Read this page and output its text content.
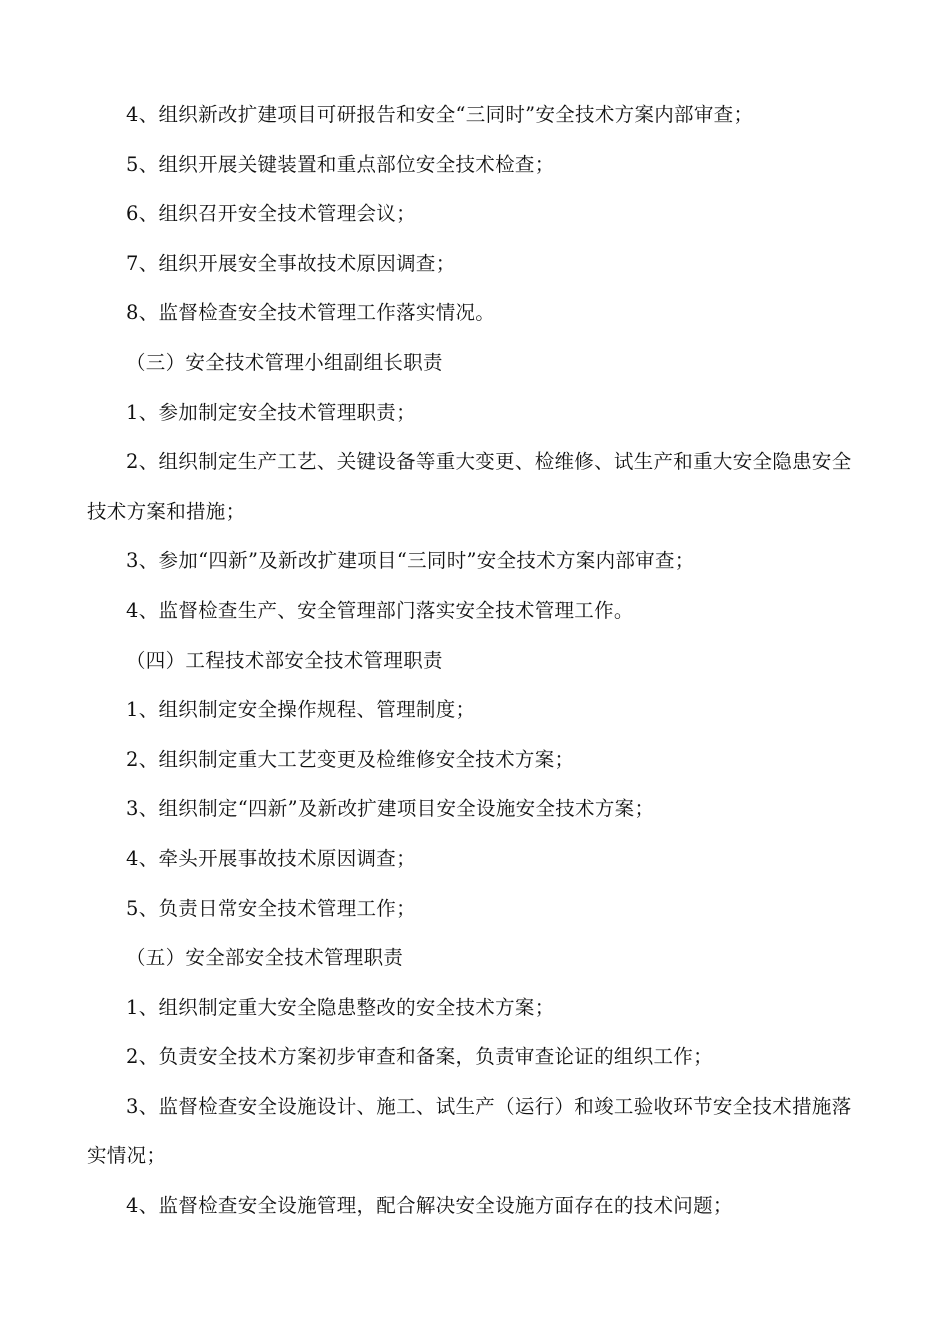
4、组织新改扩建项目可研报告和安全“三同时”安全技术方案内部审查；

5、组织开展关键装置和重点部位安全技术检查；

6、组织召开安全技术管理会议；

7、组织开展安全事故技术原因调查；

8、监督检查安全技术管理工作落实情况。

（三）安全技术管理小组副组长职责

1、参加制定安全技术管理职责；

2、组织制定生产工艺、关键设备等重大变更、检维修、试生产和重大安全隐患安全技术方案和措施；

3、参加“四新”及新改扩建项目“三同时”安全技术方案内部审查；

4、监督检查生产、安全管理部门落实安全技术管理工作。

（四）工程技术部安全技术管理职责

1、组织制定安全操作规程、管理制度；

2、组织制定重大工艺变更及检维修安全技术方案；

3、组织制定“四新”及新改扩建项目安全设施安全技术方案；

4、牵头开展事故技术原因调查；

5、负责日常安全技术管理工作；

（五）安全部安全技术管理职责

1、组织制定重大安全隐患整改的安全技术方案；

2、负责安全技术方案初步审查和备案，负责审查论证的组织工作；

3、监督检查安全设施设计、施工、试生产（运行）和竣工验收环节安全技术措施落实情况；

4、监督检查安全设施管理，配合解决安全设施方面存在的技术问题；
